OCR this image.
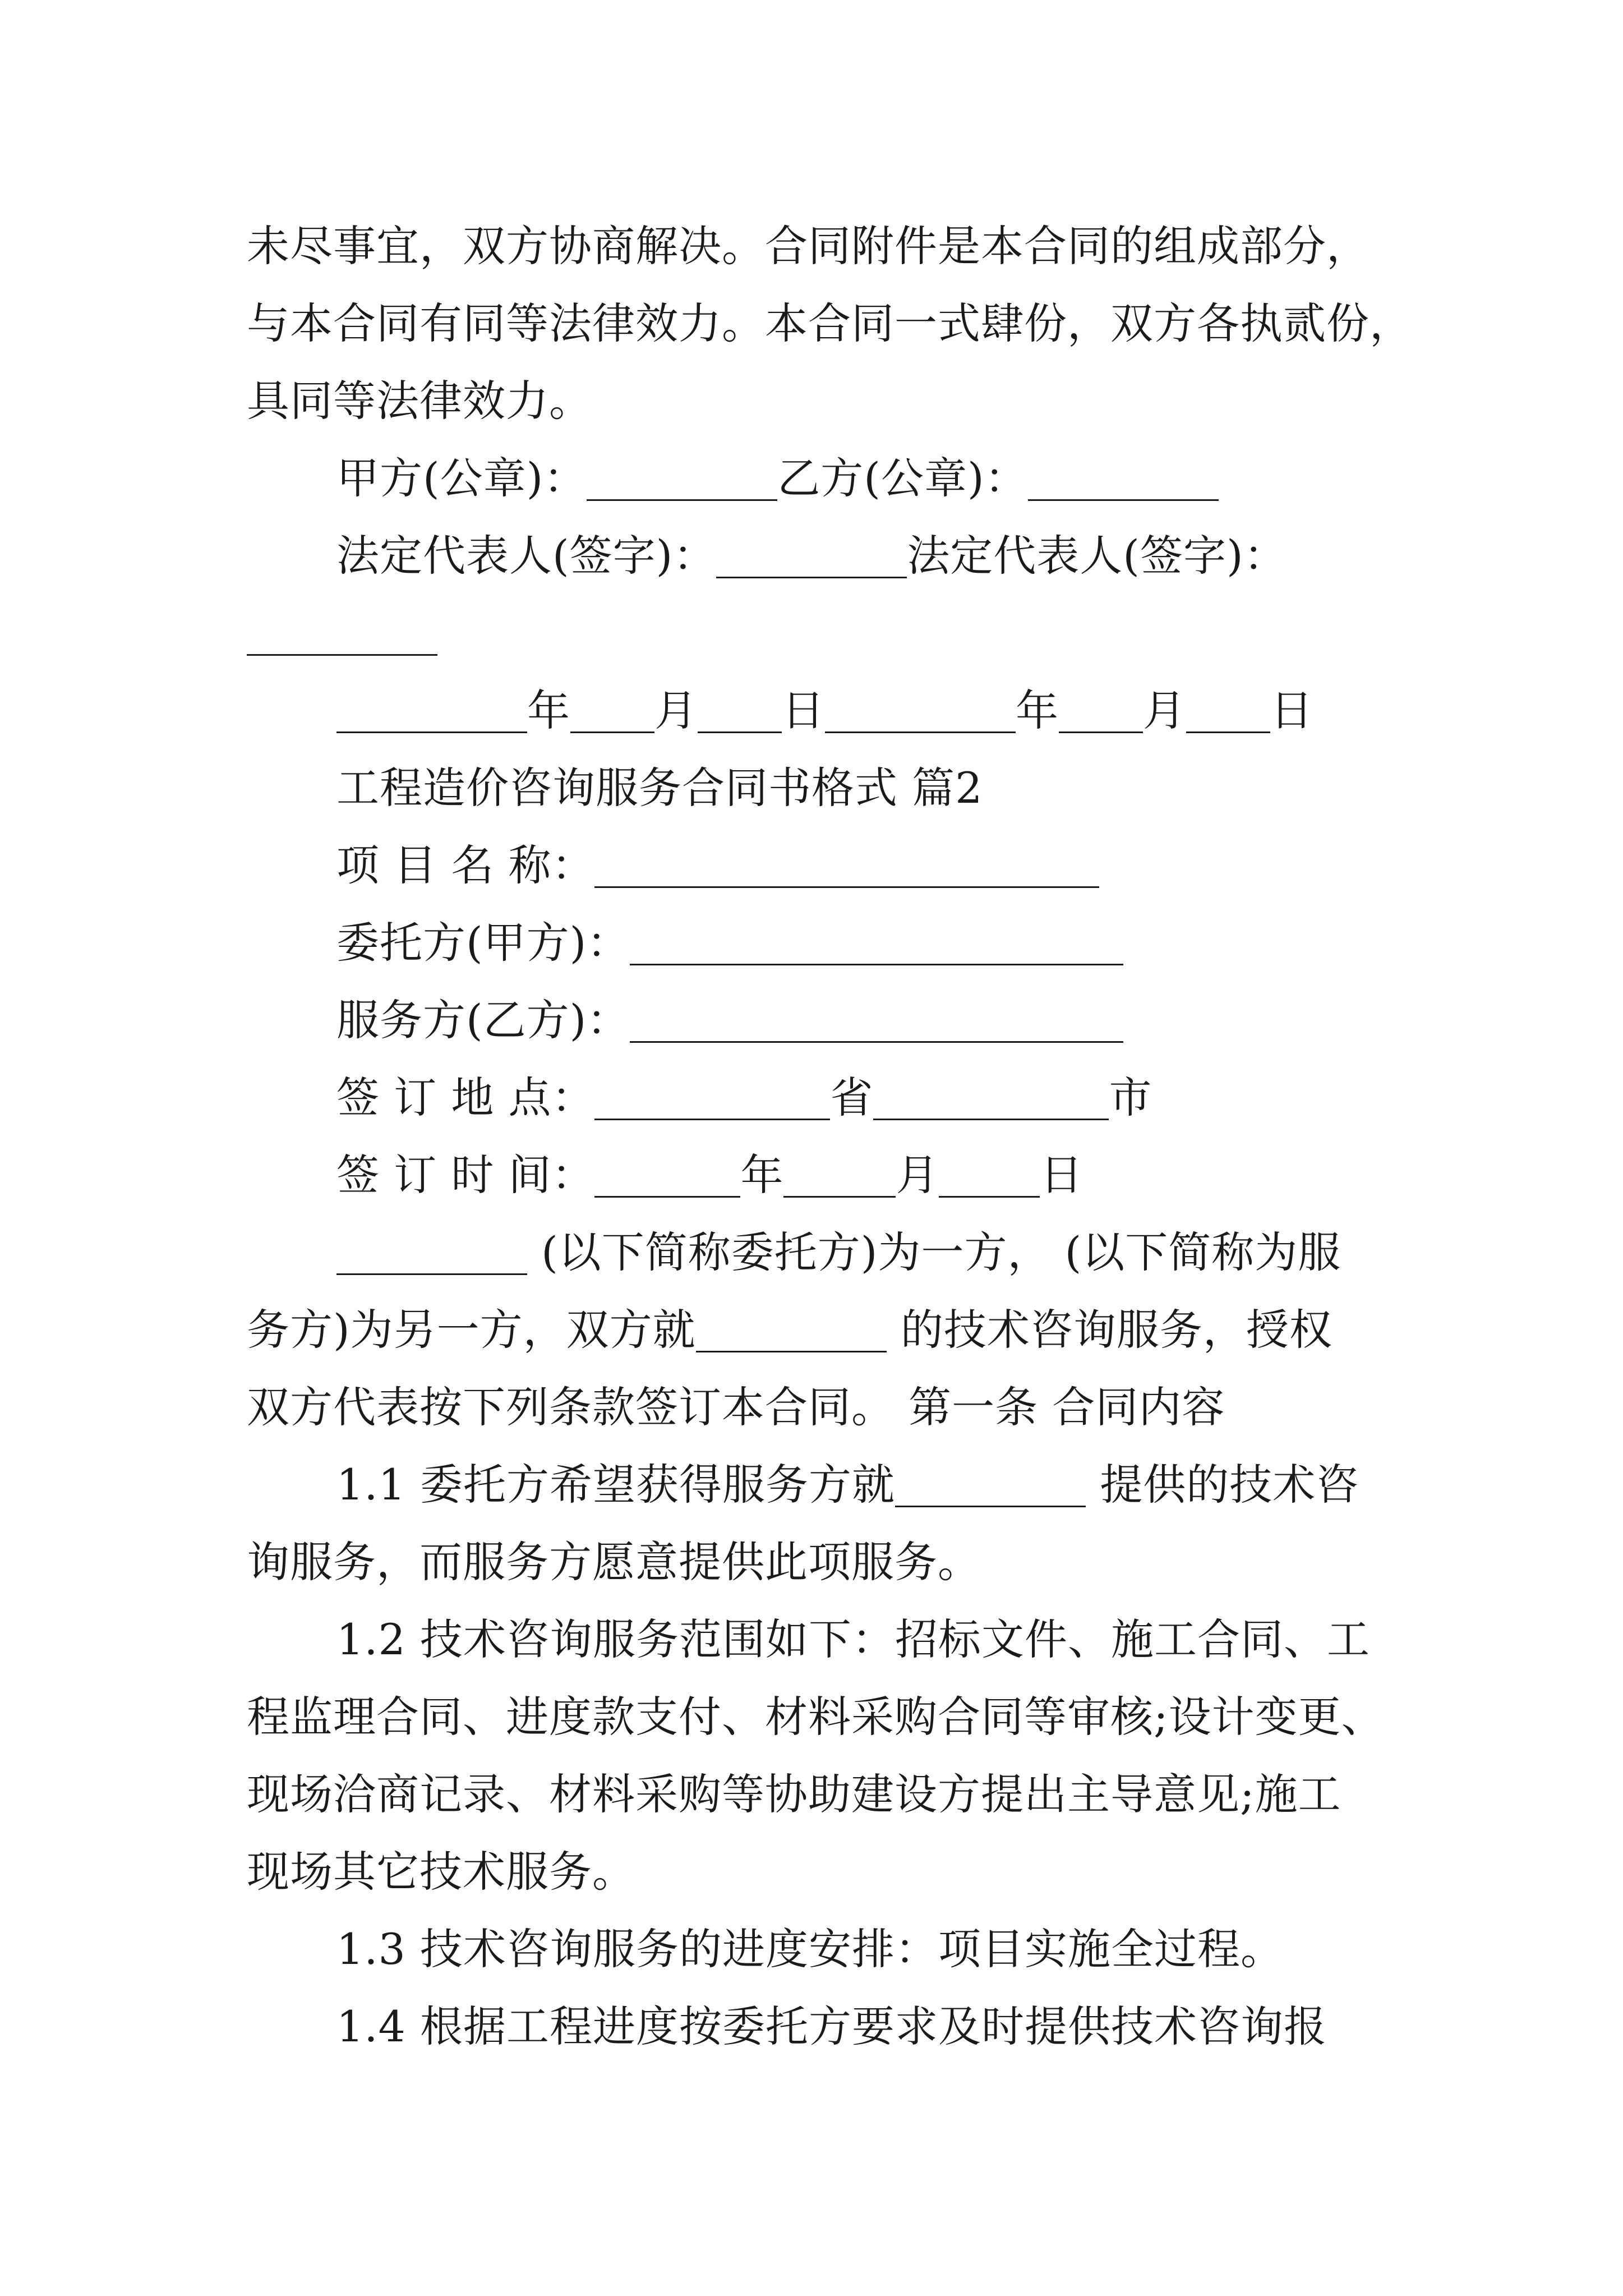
未尽事宜，双方协商解决。合同附件是本合同的组成部分，
与本合同有同等法律效力。本合同一式肆份，双方各执贰份，
具同等法律效力。
甲方(公章)：	乙方(公章)：
法定代表人(签字)：	法定代表人(签字)：
年 月 日	年 月 日
工程造价咨询服务合同书格式 篇2
项 目 名 称：
委托方(甲方)：
服务方(乙方)：
签 订 地 点：	省	市
签 订 时 间：	年	月 日
(以下简称委托方)为一方， (以下简称为服
务方)为另一方，双方就	的技术咨询服务，授权
双方代表按下列条款签订本合同。 第一条 合同内容
1.1 委托方希望获得服务方就	提供的技术咨
询服务，而服务方愿意提供此项服务。
1.2 技术咨询服务范围如下：招标文件、施工合同、工
程监理合同、进度款支付、材料采购合同等审核;设计变更、
现场洽商记录、材料采购等协助建设方提出主导意见;施工
现场其它技术服务。
1.3 技术咨询服务的进度安排：项目实施全过程。
1.4 根据工程进度按委托方要求及时提供技术咨询报
